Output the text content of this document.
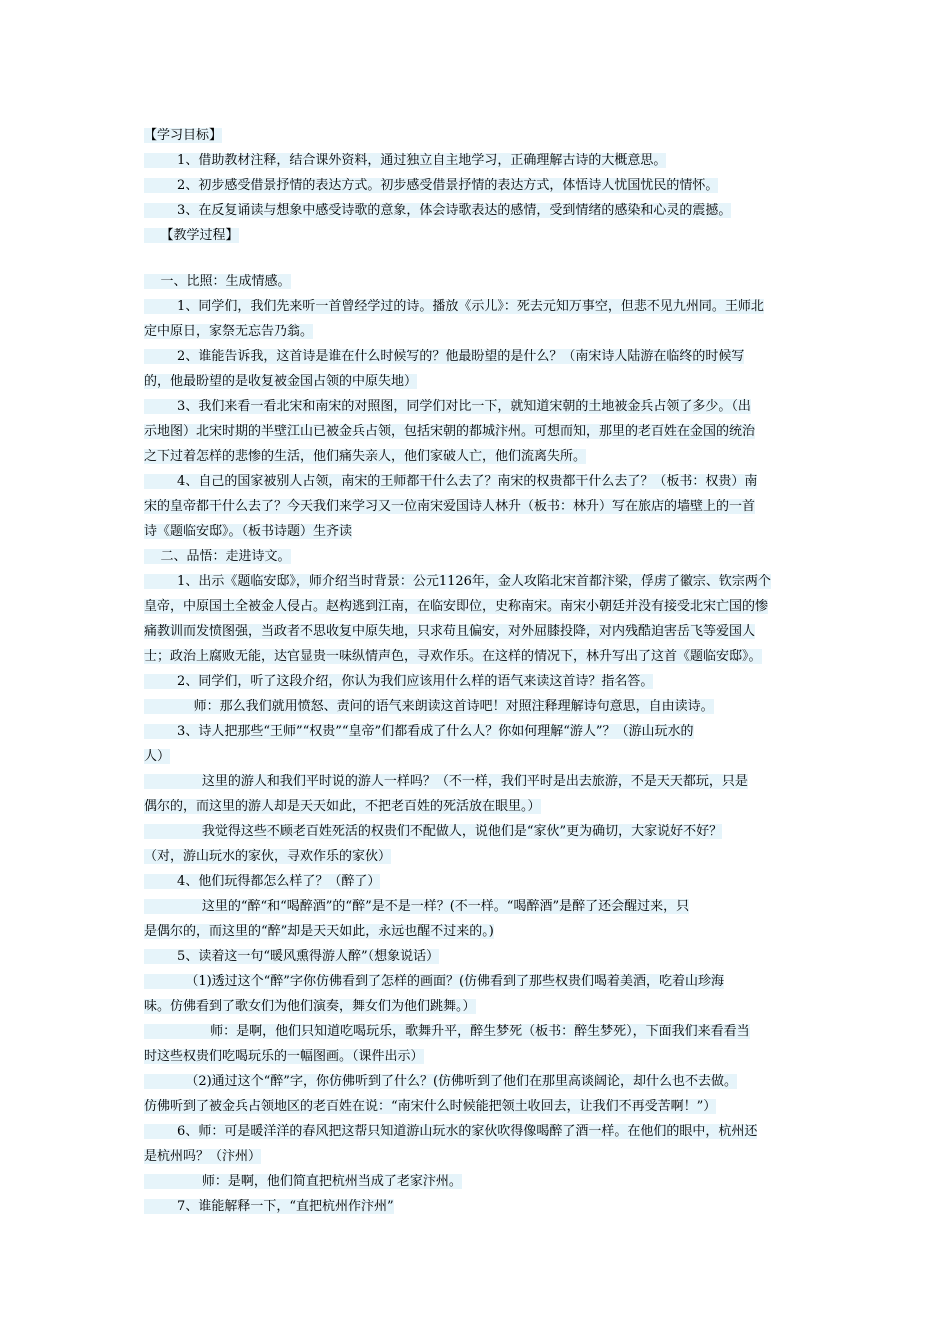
【学习目标】
1、借助教材注释，结合课外资料，通过独立自主地学习，正确理解古诗的大概意思。
2、初步感受借景抒情的表达方式。初步感受借景抒情的表达方式，体悟诗人忧国忧民的情怀。
3、在反复诵读与想象中感受诗歌的意象，体会诗歌表达的感情，受到情绪的感染和心灵的震撼。
【教学过程】
一、比照：生成情感。
1、同学们，我们先来听一首曾经学过的诗。播放《示儿》：死去元知万事空，但悲不见九州同。王师北
定中原日，家祭无忘告乃翁。
2、谁能告诉我，这首诗是谁在什么时候写的？他最盼望的是什么？（南宋诗人陆游在临终的时候写
的，他最盼望的是收复被金国占领的中原失地）
3、我们来看一看北宋和南宋的对照图，同学们对比一下，就知道宋朝的土地被金兵占领了多少。（出
示地图）北宋时期的半壁江山已被金兵占领，包括宋朝的都城汴州。可想而知，那里的老百姓在金国的统治
之下过着怎样的悲惨的生活，他们痛失亲人，他们家破人亡，他们流离失所。
4、自己的国家被别人占领，南宋的王师都干什么去了？南宋的权贵都干什么去了？（板书：权贵）南
宋的皇帝都干什么去了？今天我们来学习又一位南宋爱国诗人林升（板书：林升）写在旅店的墙壁上的一首
诗《题临安邸》。（板书诗题）生齐读
二、品悟：走进诗文。
1、出示《题临安邸》，师介绍当时背景：公元1126年，金人攻陷北宋首都汴梁，俘虏了徽宗、钦宗两个
皇帝，中原国土全被金人侵占。赵构逃到江南，在临安即位，史称南宋。南宋小朝廷并没有接受北宋亡国的惨
痛教训而发愤图强，当政者不思收复中原失地，只求苟且偏安，对外屈膝投降，对内残酷迫害岳飞等爱国人
士；政治上腐败无能，达官显贵一味纵情声色，寻欢作乐。在这样的情况下，林升写出了这首《题临安邸》。
2、同学们，听了这段介绍，你认为我们应该用什么样的语气来读这首诗？指名答。
师：那么我们就用愤怒、责问的语气来朗读这首诗吧！对照注释理解诗句意思，自由读诗。
3、诗人把那些“王师”“权贵”“皇帝”们都看成了什么人？你如何理解“游人”？（游山玩水的
人）
这里的游人和我们平时说的游人一样吗？（不一样，我们平时是出去旅游，不是天天都玩，只是
偶尔的，而这里的游人却是天天如此，不把老百姓的死活放在眼里。）
我觉得这些不顾老百姓死活的权贵们不配做人，说他们是“家伙”更为确切，大家说好不好？
（对，游山玩水的家伙，寻欢作乐的家伙）
4、他们玩得都怎么样了？（醉了）
这里的“醉“和“喝醉酒”的“醉”是不是一样？(不一样。“喝醉酒”是醉了还会醒过来，只
是偶尔的，而这里的“醉”却是天天如此，永远也醒不过来的。)
5、读着这一句“暖风熏得游人醉”（想象说话）
（1)透过这个“醉”字你仿佛看到了怎样的画面？(仿佛看到了那些权贵们喝着美酒，吃着山珍海
味。仿佛看到了歌女们为他们演奏，舞女们为他们跳舞。）
师：是啊，他们只知道吃喝玩乐，歌舞升平，醉生梦死（板书：醉生梦死），下面我们来看看当
时这些权贵们吃喝玩乐的一幅图画。（课件出示）
（2)通过这个“醉”字，你仿佛听到了什么？(仿佛听到了他们在那里高谈阔论，却什么也不去做。
仿佛听到了被金兵占领地区的老百姓在说：“南宋什么时候能把领土收回去，让我们不再受苦啊！”）
6、师：可是暖洋洋的春风把这帮只知道游山玩水的家伙吹得像喝醉了酒一样。在他们的眼中，杭州还
是杭州吗？（汴州）
师：是啊，他们简直把杭州当成了老家汴州。
7、谁能解释一下，“直把杭州作汴州”
